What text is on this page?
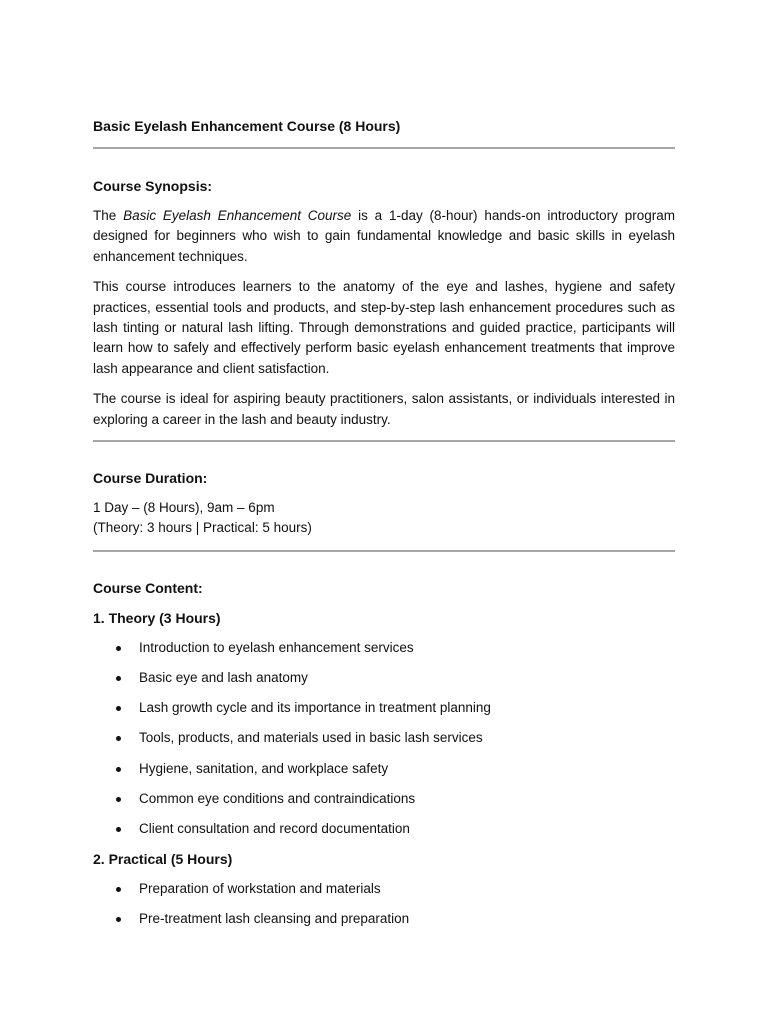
Basic Eyelash Enhancement Course (8 Hours)
Course Synopsis:

The Basic Eyelash Enhancement Course is a 1-day (8-hour) hands-on introductory program designed for beginners who wish to gain fundamental knowledge and basic skills in eyelash enhancement techniques.

This course introduces learners to the anatomy of the eye and lashes, hygiene and safety practices, essential tools and products, and step-by-step lash enhancement procedures such as lash tinting or natural lash lifting. Through demonstrations and guided practice, participants will learn how to safely and effectively perform basic eyelash enhancement treatments that improve lash appearance and client satisfaction.

The course is ideal for aspiring beauty practitioners, salon assistants, or individuals interested in exploring a career in the lash and beauty industry.

Course Duration:
1 Day – (8 Hours), 9am – 6pm
(Theory: 3 hours | Practical: 5 hours)
Course Content:
1. Theory (3 Hours)
Introduction to eyelash enhancement services
Basic eye and lash anatomy
Lash growth cycle and its importance in treatment planning
Tools, products, and materials used in basic lash services
Hygiene, sanitation, and workplace safety
Common eye conditions and contraindications
Client consultation and record documentation
2. Practical (5 Hours)
Preparation of workstation and materials
Pre-treatment lash cleansing and preparation
